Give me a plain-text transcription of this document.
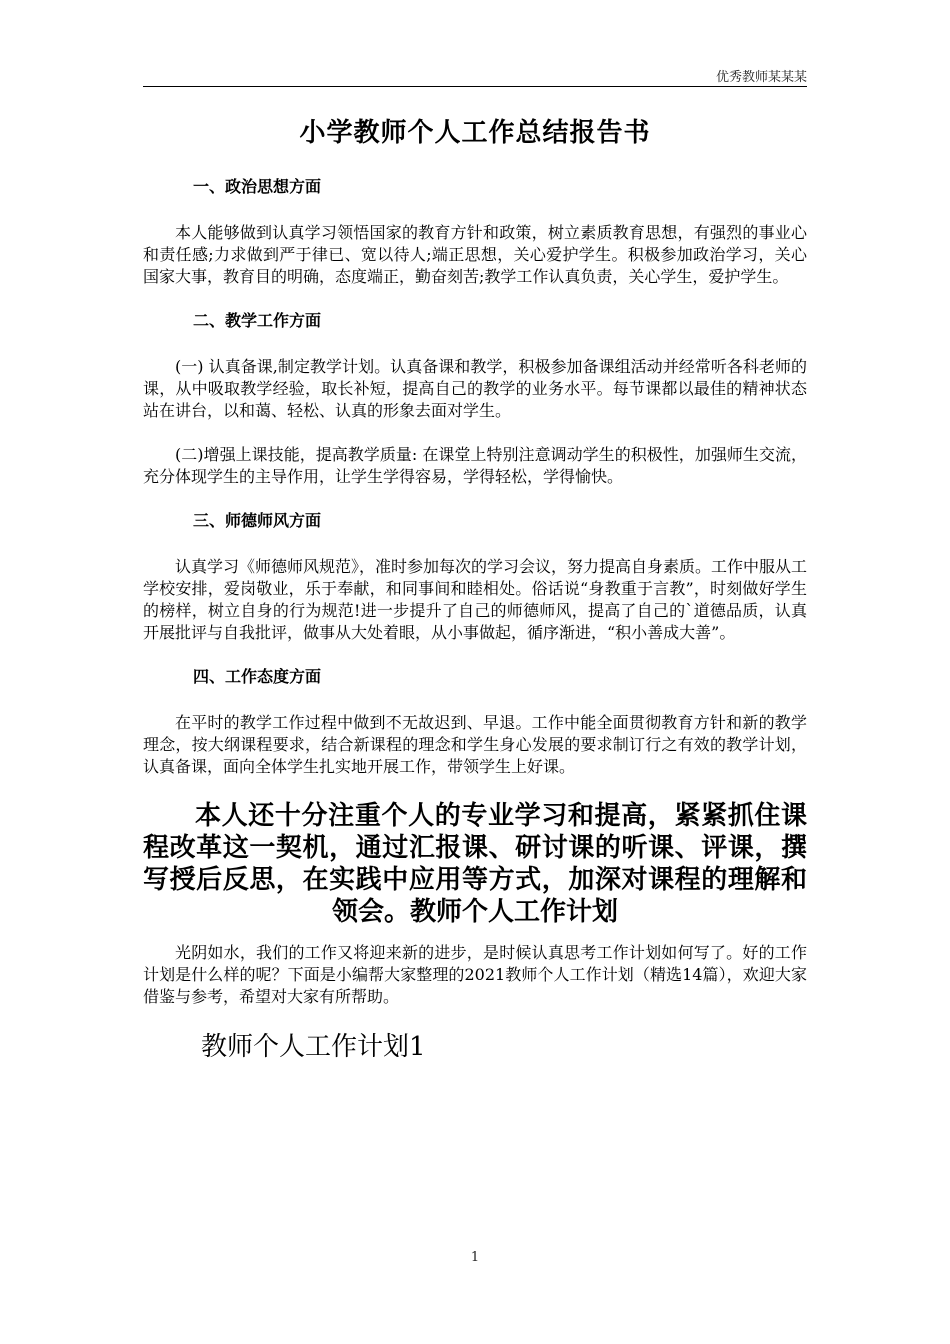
优秀教师某某某
小学教师个人工作总结报告书
一、政治思想方面

本人能够做到认真学习领悟国家的教育方针和政策，树立素质教育思想，有强烈的事业心和责任感;力求做到严于律已、宽以待人;端正思想，关心爱护学生。积极参加政治学习，关心国家大事，教育目的明确，态度端正，勤奋刻苦;教学工作认真负责，关心学生，爱护学生。

二、教学工作方面

(一) 认真备课,制定教学计划。认真备课和教学，积极参加备课组活动并经常听各科老师的课，从中吸取教学经验，取长补短，提高自己的教学的业务水平。每节课都以最佳的精神状态站在讲台，以和蔼、轻松、认真的形象去面对学生。

(二)增强上课技能，提高教学质量: 在课堂上特别注意调动学生的积极性，加强师生交流，充分体现学生的主导作用，让学生学得容易，学得轻松，学得愉快。

三、师德师风方面

认真学习《师德师风规范》，准时参加每次的学习会议，努力提高自身素质。工作中服从工学校安排，爱岗敬业，乐于奉献，和同事间和睦相处。俗话说“身教重于言教”，时刻做好学生的榜样，树立自身的行为规范!进一步提升了自己的师德师风，提高了自己的`道德品质，认真开展批评与自我批评，做事从大处着眼，从小事做起，循序渐进，“积小善成大善”。

四、工作态度方面

在平时的教学工作过程中做到不无故迟到、早退。工作中能全面贯彻教育方针和新的教学理念，按大纲课程要求，结合新课程的理念和学生身心发展的要求制订行之有效的教学计划，认真备课，面向全体学生扎实地开展工作，带领学生上好课。

本人还十分注重个人的专业学习和提高，紧紧抓住课程改革这一契机，通过汇报课、研讨课的听课、评课，撰写授后反思，在实践中应用等方式，加深对课程的理解和领会。教师个人工作计划

光阴如水，我们的工作又将迎来新的进步，是时候认真思考工作计划如何写了。好的工作计划是什么样的呢？下面是小编帮大家整理的2021教师个人工作计划（精选14篇），欢迎大家借鉴与参考，希望对大家有所帮助。

教师个人工作计划1
1
